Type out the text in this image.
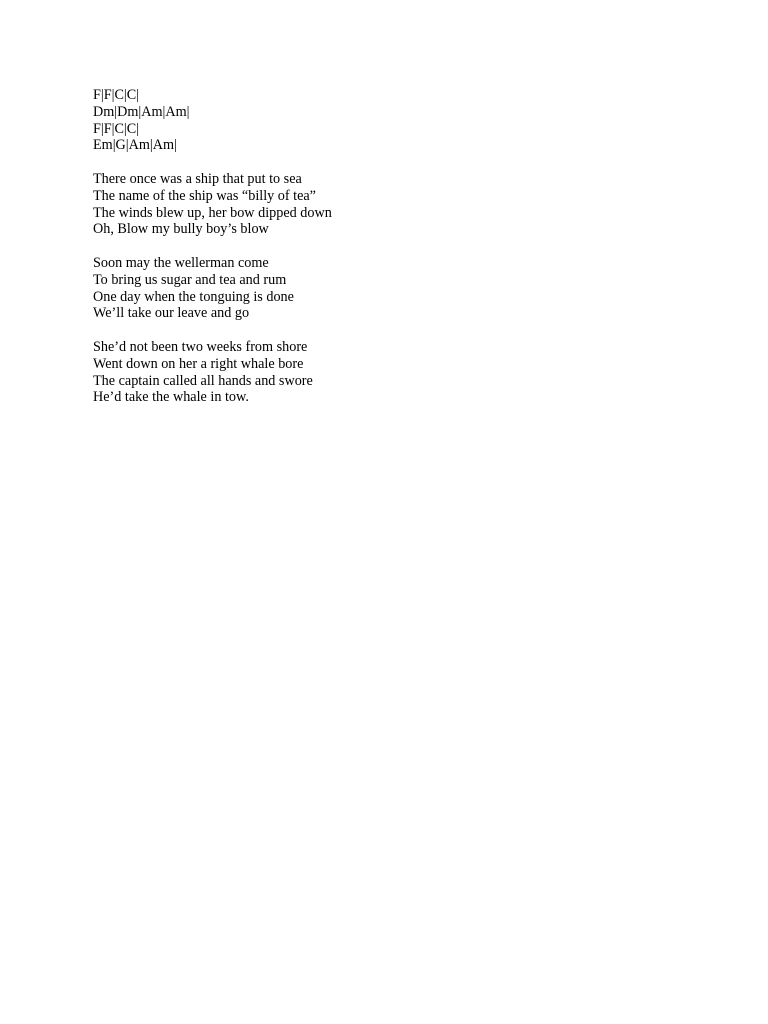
F|F|C|C|
Dm|Dm|Am|Am|
F|F|C|C|
Em|G|Am|Am|
There once was a ship that put to sea
The name of the ship was “billy of tea”
The winds blew up, her bow dipped down
Oh, Blow my bully boy’s blow
Soon may the wellerman come
To bring us sugar and tea and rum
One day when the tonguing is done
We’ll take our leave and go
She’d not been two weeks from shore
Went down on her a right whale bore
The captain called all hands and swore
He’d take the whale in tow.
